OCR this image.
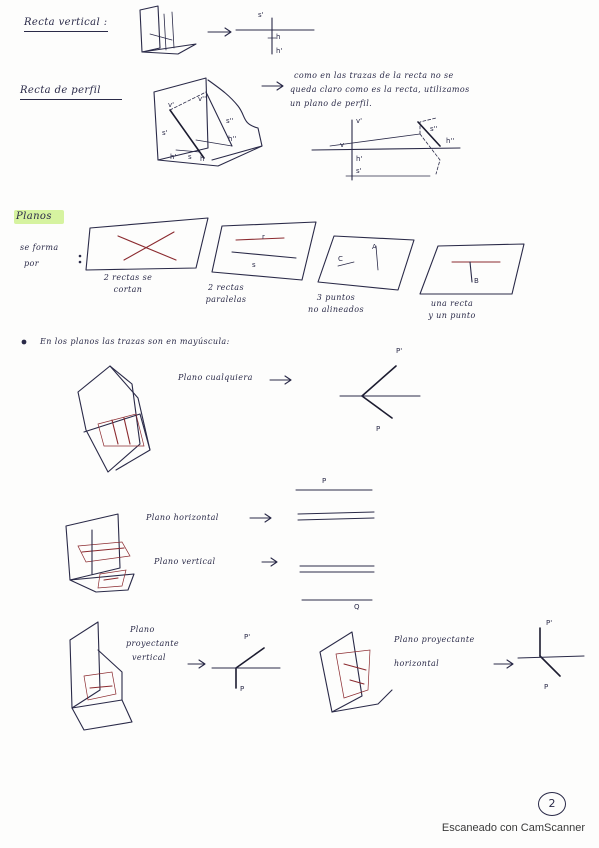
Recta vertical :
s'
h
h'
Recta de perfil
como en las trazas de la recta no se
queda claro como es la recta, utilizamos
un plano de perfil.
v'
v''
s'
s''
h'
h''
s h
v
v'
s''
h''
h'
s'
Planos
se forma
por
r
s
A
C
B
2 rectas se
cortan	2 rectas
paralelas	3 puntos
no alineados
una recta
y un punto
En los planos las trazas son en mayúscula:
Plano cualquiera
P'
P
Plano horizontal
Plano vertical
P
Q
Plano
proyectante
vertical
P'
P
Plano proyectante
horizontal
P'
P
2
Escaneado con CamScanner
